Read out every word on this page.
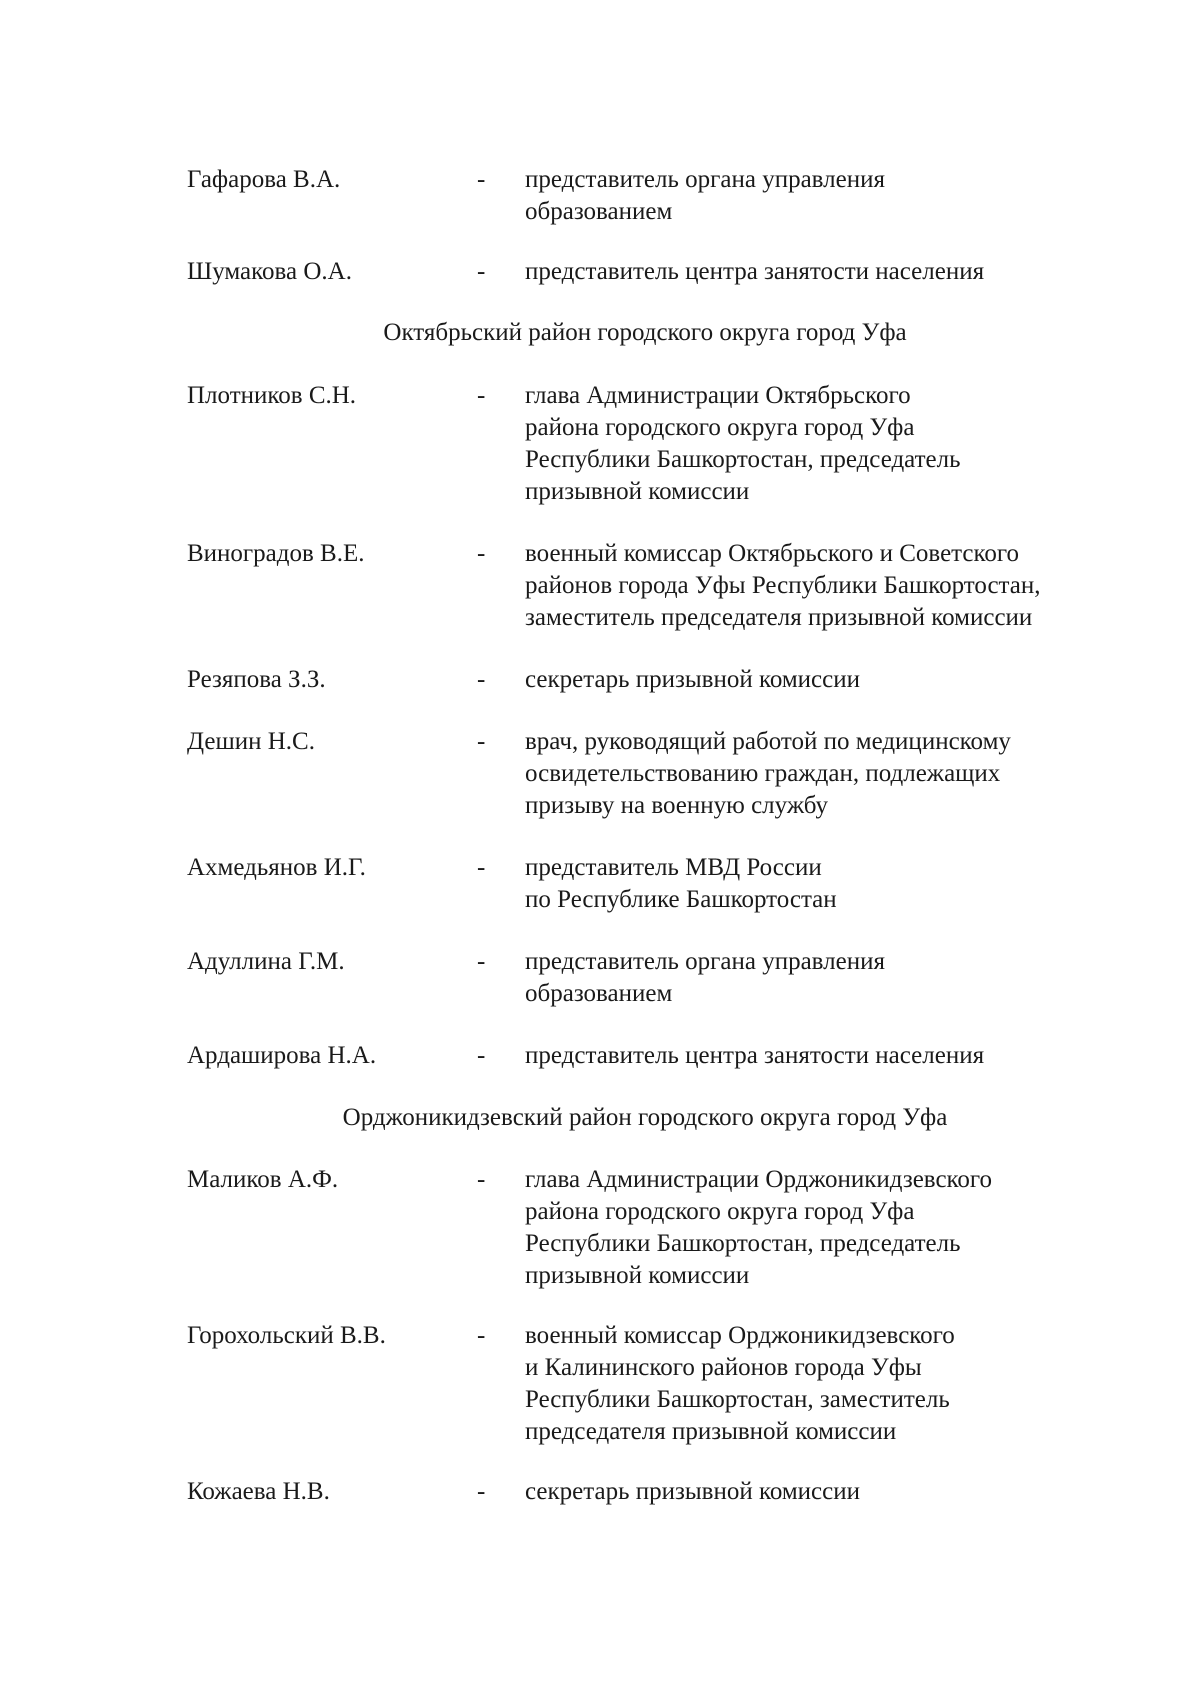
Гафарова В.А.	- представитель органа управления
образованием
Шумакова О.А.	- представитель центра занятости населения
Октябрьский район городского округа город Уфа
Плотников С.Н.	- глава Администрации Октябрьского
района городского округа город Уфа
Республики Башкортостан, председатель
призывной комиссии
Виноградов В.Е.	- военный комиссар Октябрьского и Советского
районов города Уфы Республики Башкортостан,
заместитель председателя призывной комиссии
Резяпова З.З.	- секретарь призывной комиссии
Дешин Н.С.	- врач, руководящий работой по медицинскому
освидетельствованию граждан, подлежащих
призыву на военную службу
Ахмедьянов И.Г.	- представитель МВД России
по Республике Башкортостан
Адуллина Г.М.	- представитель органа управления
образованием
Ардаширова Н.А.	- представитель центра занятости населения
Орджоникидзевский район городского округа город Уфа
Маликов А.Ф.	- глава Администрации Орджоникидзевского
района городского округа город Уфа
Республики Башкортостан, председатель
призывной комиссии
Горохольский В.В.	- военный комиссар Орджоникидзевского
и Калининского районов города Уфы
Республики Башкортостан, заместитель
председателя призывной комиссии
Кожаева Н.В.	- секретарь призывной комиссии
